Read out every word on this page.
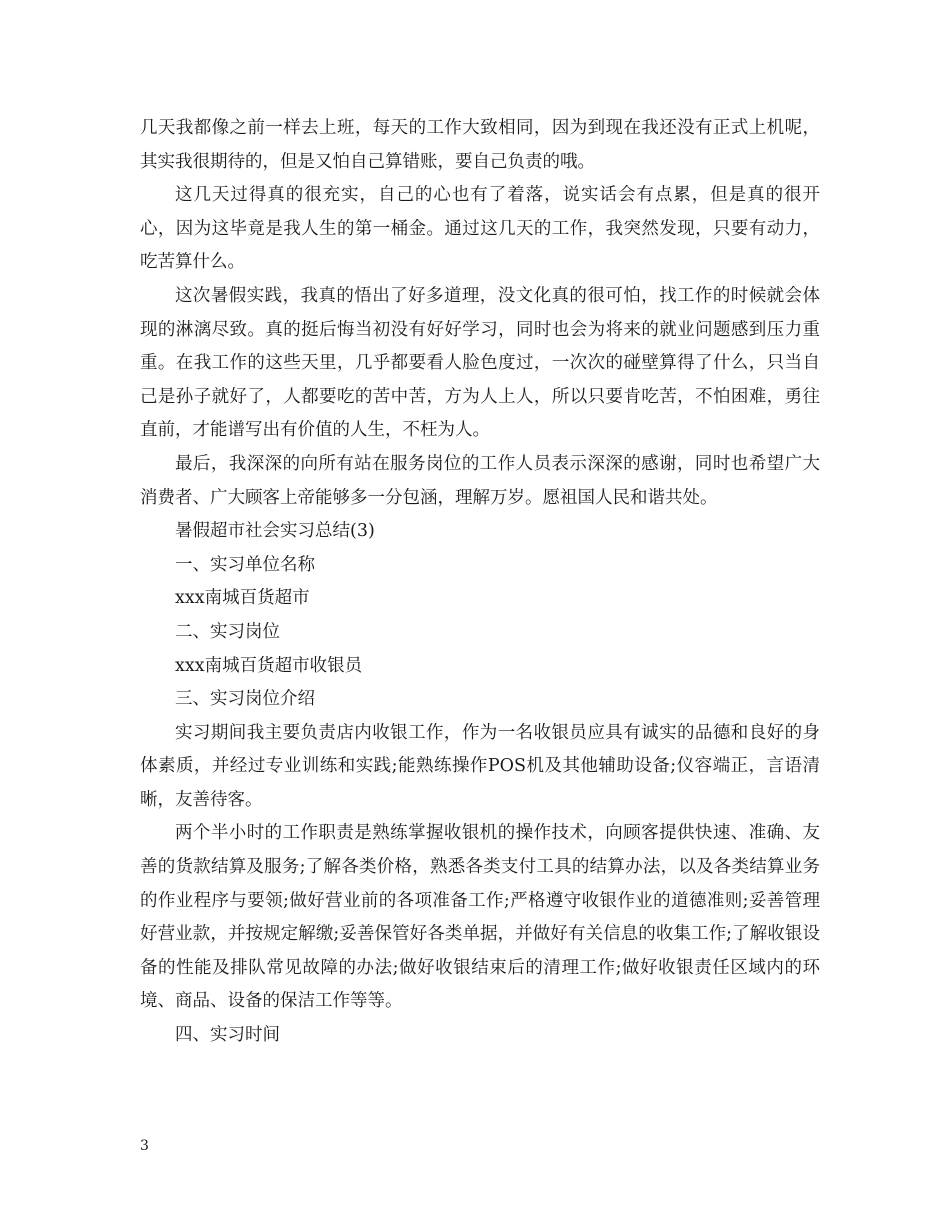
几天我都像之前一样去上班，每天的工作大致相同，因为到现在我还没有正式上机呢，其实我很期待的，但是又怕自己算错账，要自己负责的哦。

这几天过得真的很充实，自己的心也有了着落，说实话会有点累，但是真的很开心，因为这毕竟是我人生的第一桶金。通过这几天的工作，我突然发现，只要有动力，吃苦算什么。

这次暑假实践，我真的悟出了好多道理，没文化真的很可怕，找工作的时候就会体现的淋漓尽致。真的挺后悔当初没有好好学习，同时也会为将来的就业问题感到压力重重。在我工作的这些天里，几乎都要看人脸色度过，一次次的碰壁算得了什么，只当自己是孙子就好了，人都要吃的苦中苦，方为人上人，所以只要肯吃苦，不怕困难，勇往直前，才能谱写出有价值的人生，不枉为人。

最后，我深深的向所有站在服务岗位的工作人员表示深深的感谢，同时也希望广大消费者、广大顾客上帝能够多一分包涵，理解万岁。愿祖国人民和谐共处。

暑假超市社会实习总结(3)

一、实习单位名称

xxx南城百货超市

二、实习岗位

xxx南城百货超市收银员

三、实习岗位介绍

实习期间我主要负责店内收银工作，作为一名收银员应具有诚实的品德和良好的身体素质，并经过专业训练和实践;能熟练操作POS机及其他辅助设备;仪容端正，言语清晰，友善待客。

两个半小时的工作职责是熟练掌握收银机的操作技术，向顾客提供快速、准确、友善的货款结算及服务;了解各类价格，熟悉各类支付工具的结算办法，以及各类结算业务的作业程序与要领;做好营业前的各项准备工作;严格遵守收银作业的道德准则;妥善管理好营业款，并按规定解缴;妥善保管好各类单据，并做好有关信息的收集工作;了解收银设备的性能及排队常见故障的办法;做好收银结束后的清理工作;做好收银责任区域内的环境、商品、设备的保洁工作等等。

四、实习时间

3
